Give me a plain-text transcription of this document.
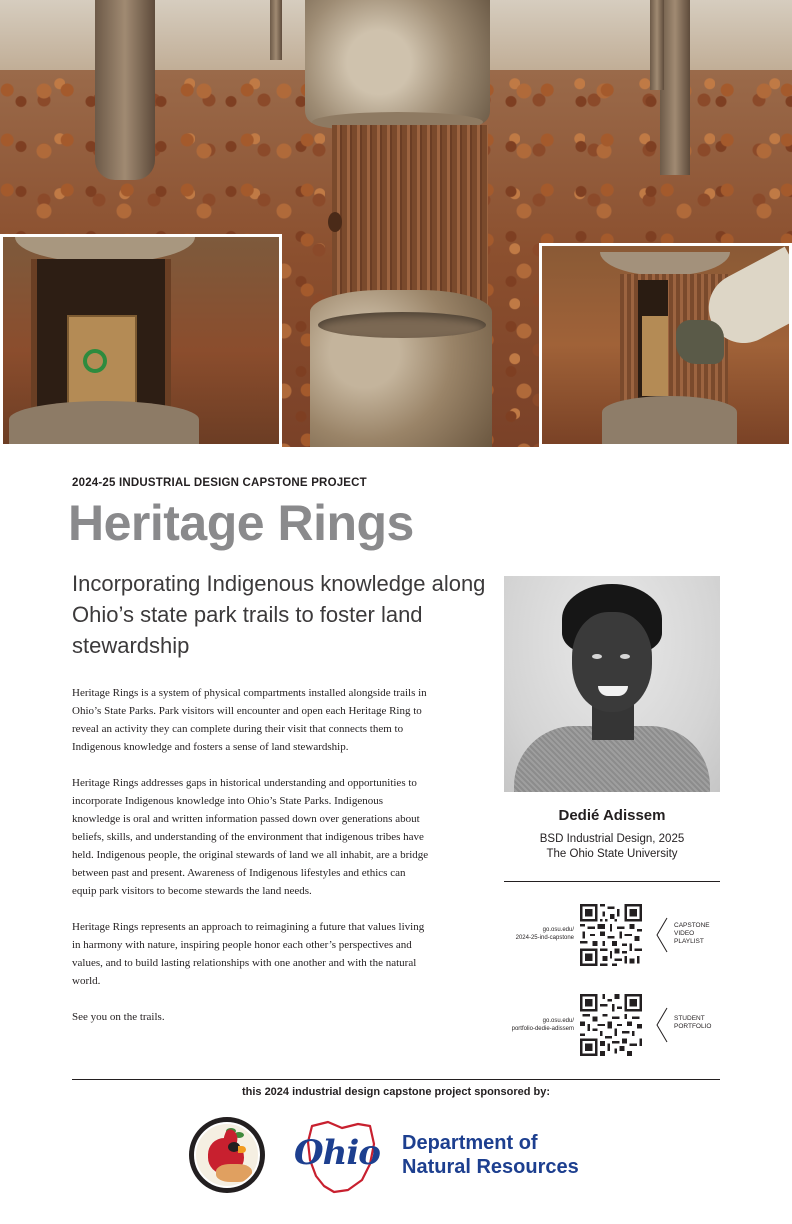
2024-25 INDUSTRIAL DESIGN CAPSTONE PROJECT
Heritage Rings
Incorporating Indigenous knowledge along Ohio’s state park trails to foster land stewardship

Heritage Rings is a system of physical compartments installed alongside trails in Ohio’s State Parks. Park visitors will encounter and open each Heritage Ring to reveal an activity they can complete during their visit that connects them to Indigenous knowledge and fosters a sense of land stewardship.

Heritage Rings addresses gaps in historical understanding and opportunities to incorporate Indigenous knowledge into Ohio’s State Parks. Indigenous knowledge is oral and written information passed down over generations about beliefs, skills, and understanding of the environment that indigenous tribes have held. Indigenous people, the original stewards of land we all inhabit, are a bridge between past and present. Awareness of Indigenous lifestyles and ethics can equip park visitors to become stewards the land needs.

Heritage Rings represents an approach to reimagining a future that values living in harmony with nature, inspiring people honor each other’s perspectives and values, and to build lasting relationships with one another and with the natural world.

See you on the trails.

Dedié Adissem
BSD Industrial Design, 2025
The Ohio State University
go.osu.edu/
2024-25-ind-capstone
CAPSTONE
VIDEO
PLAYLIST
go.osu.edu/
portfolio-dedie-adissem
STUDENT
PORTFOLIO
this 2024 industrial design capstone project sponsored by:
Ohio Department of
Natural Resources
